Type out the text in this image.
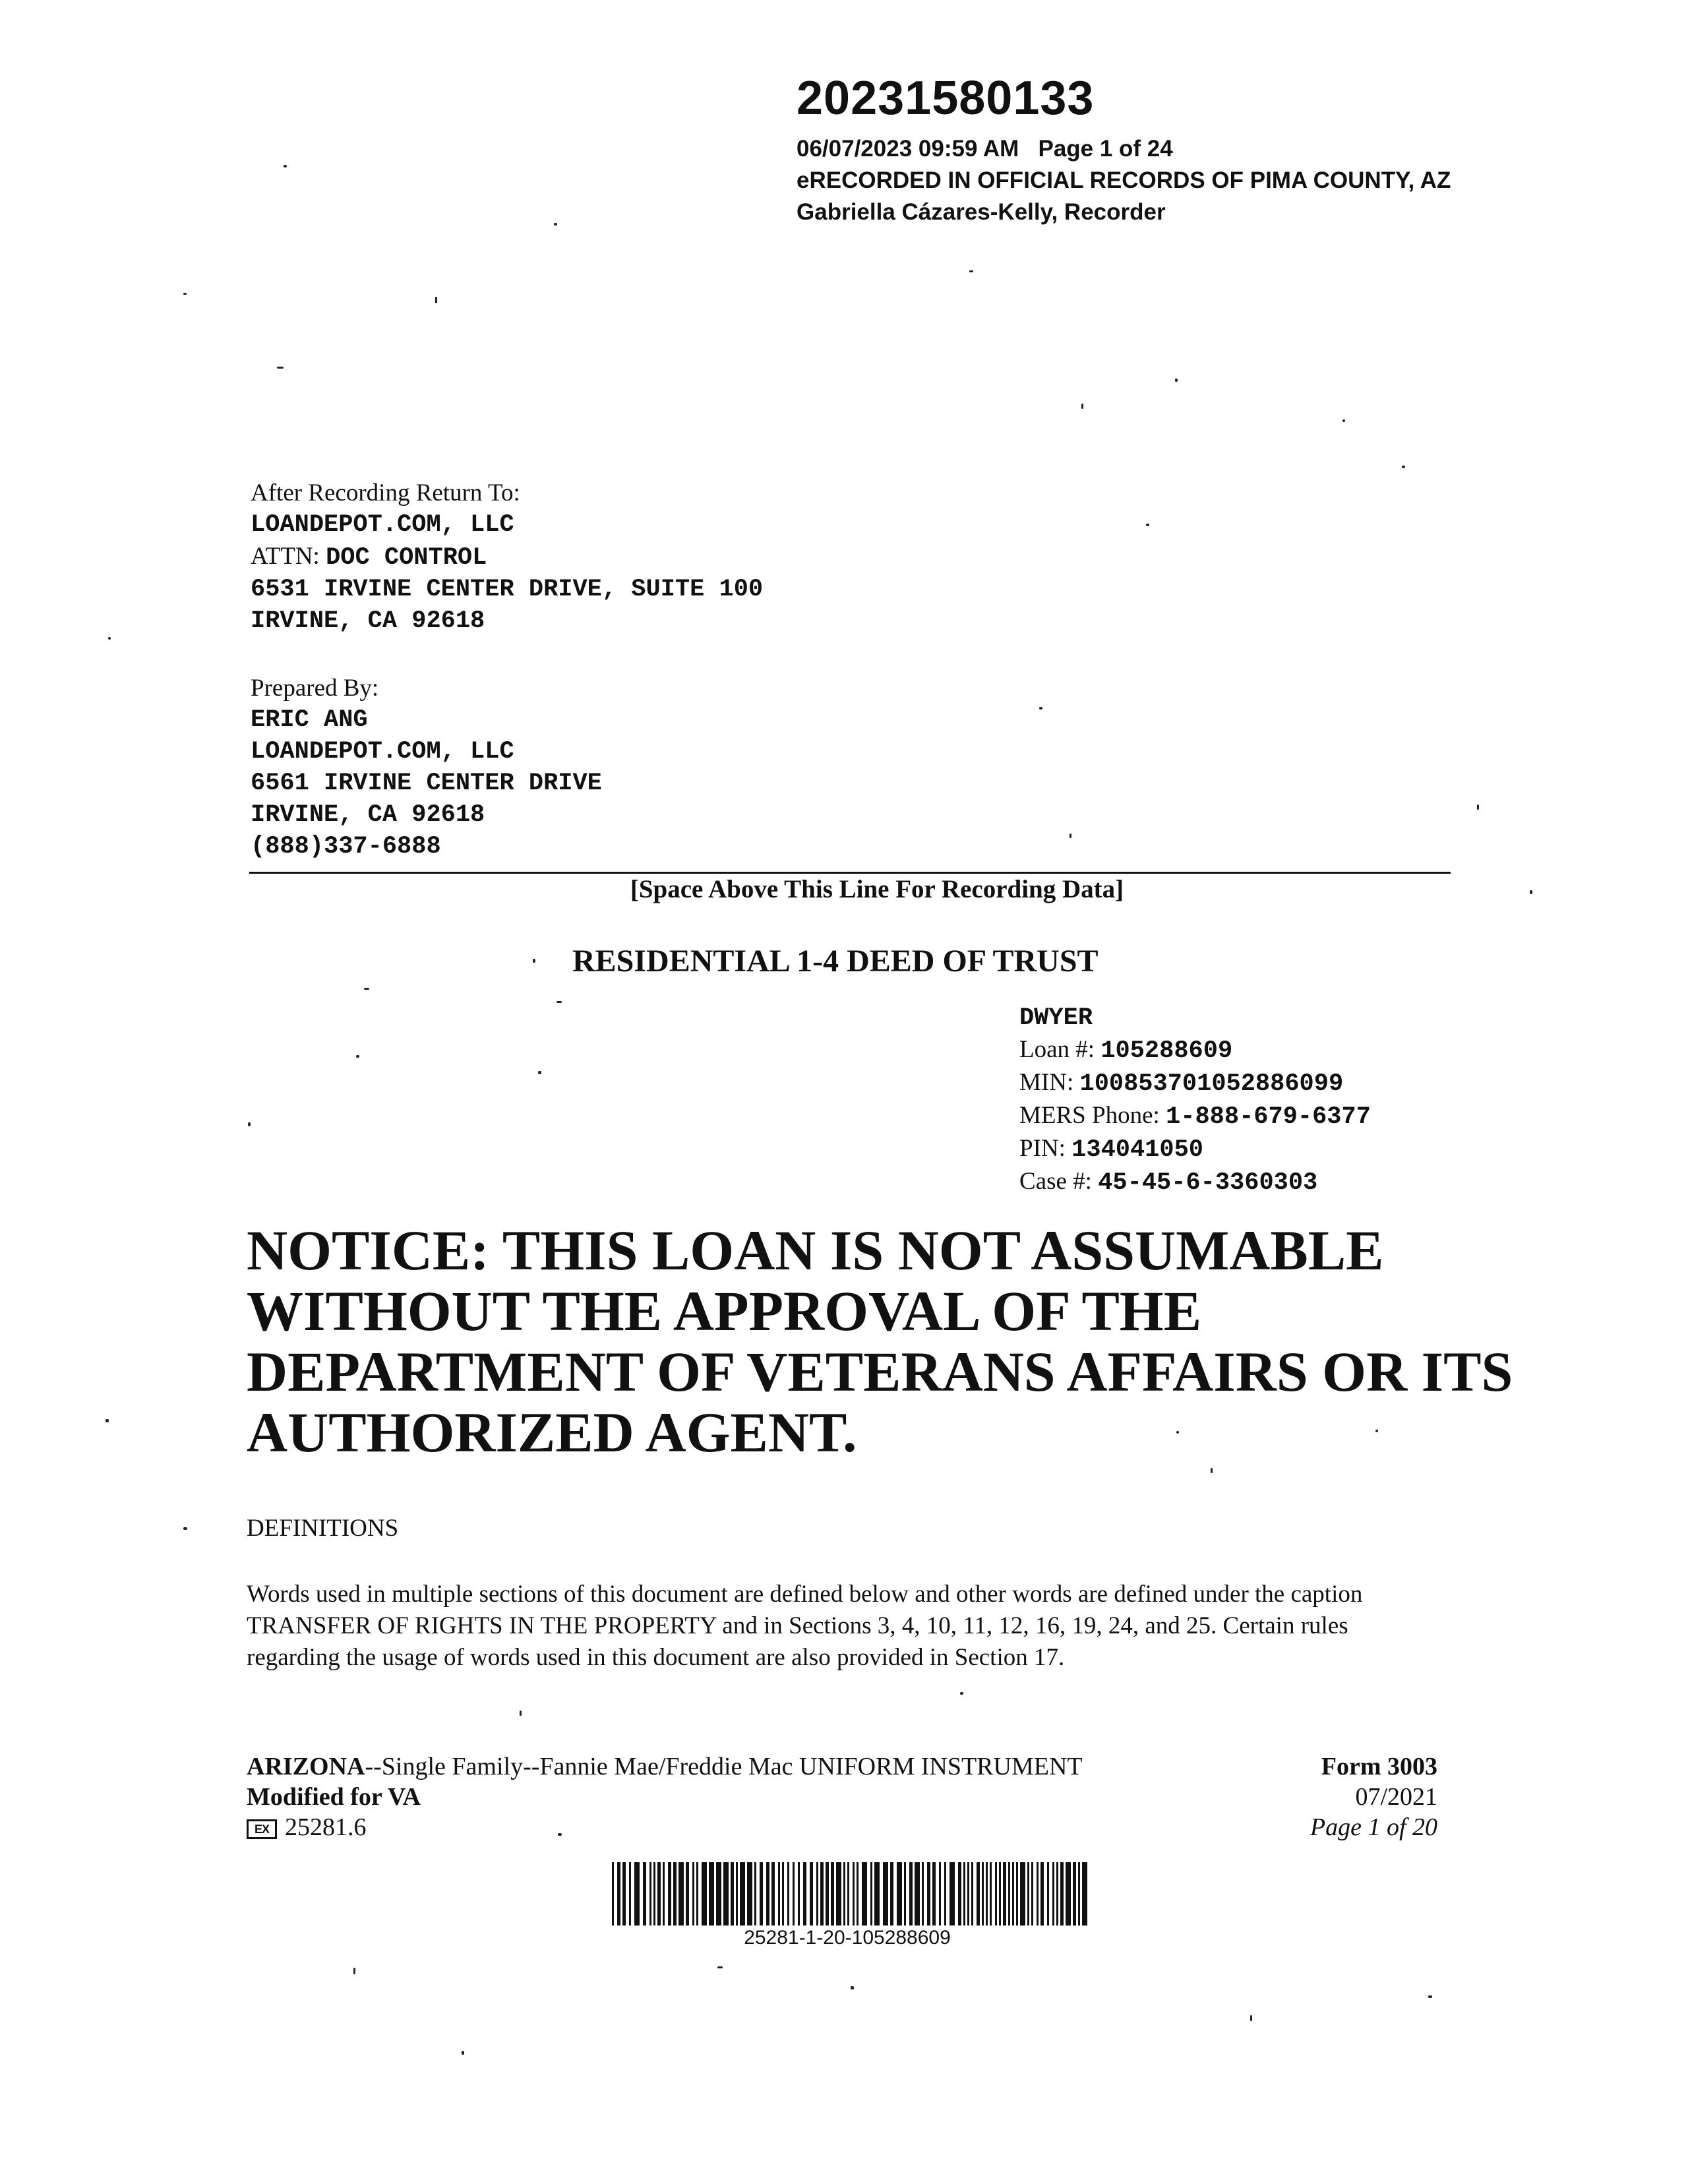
20231580133
06/07/2023 09:59 AM Page 1 of 24
eRECORDED IN OFFICIAL RECORDS OF PIMA COUNTY, AZ
Gabriella Cázares-Kelly, Recorder
After Recording Return To:
LOANDEPOT.COM, LLC
ATTN: DOC CONTROL
6531 IRVINE CENTER DRIVE, SUITE 100
IRVINE, CA 92618
Prepared By:
ERIC ANG
LOANDEPOT.COM, LLC
6561 IRVINE CENTER DRIVE
IRVINE, CA 92618
(888)337-6888
[Space Above This Line For Recording Data]
RESIDENTIAL 1-4 DEED OF TRUST
DWYER
Loan #: 105288609
MIN: 100853701052886099
MERS Phone: 1-888-679-6377
PIN: 134041050
Case #: 45-45-6-3360303
NOTICE: THIS LOAN IS NOT ASSUMABLE WITHOUT THE APPROVAL OF THE DEPARTMENT OF VETERANS AFFAIRS OR ITS AUTHORIZED AGENT.
DEFINITIONS
Words used in multiple sections of this document are defined below and other words are defined under the caption TRANSFER OF RIGHTS IN THE PROPERTY and in Sections 3, 4, 10, 11, 12, 16, 19, 24, and 25. Certain rules regarding the usage of words used in this document are also provided in Section 17.
ARIZONA--Single Family--Fannie Mae/Freddie Mac UNIFORM INSTRUMENT
Modified for VA
EX 25281.6
Form 3003
07/2021
Page 1 of 20
25281-1-20-105288609
